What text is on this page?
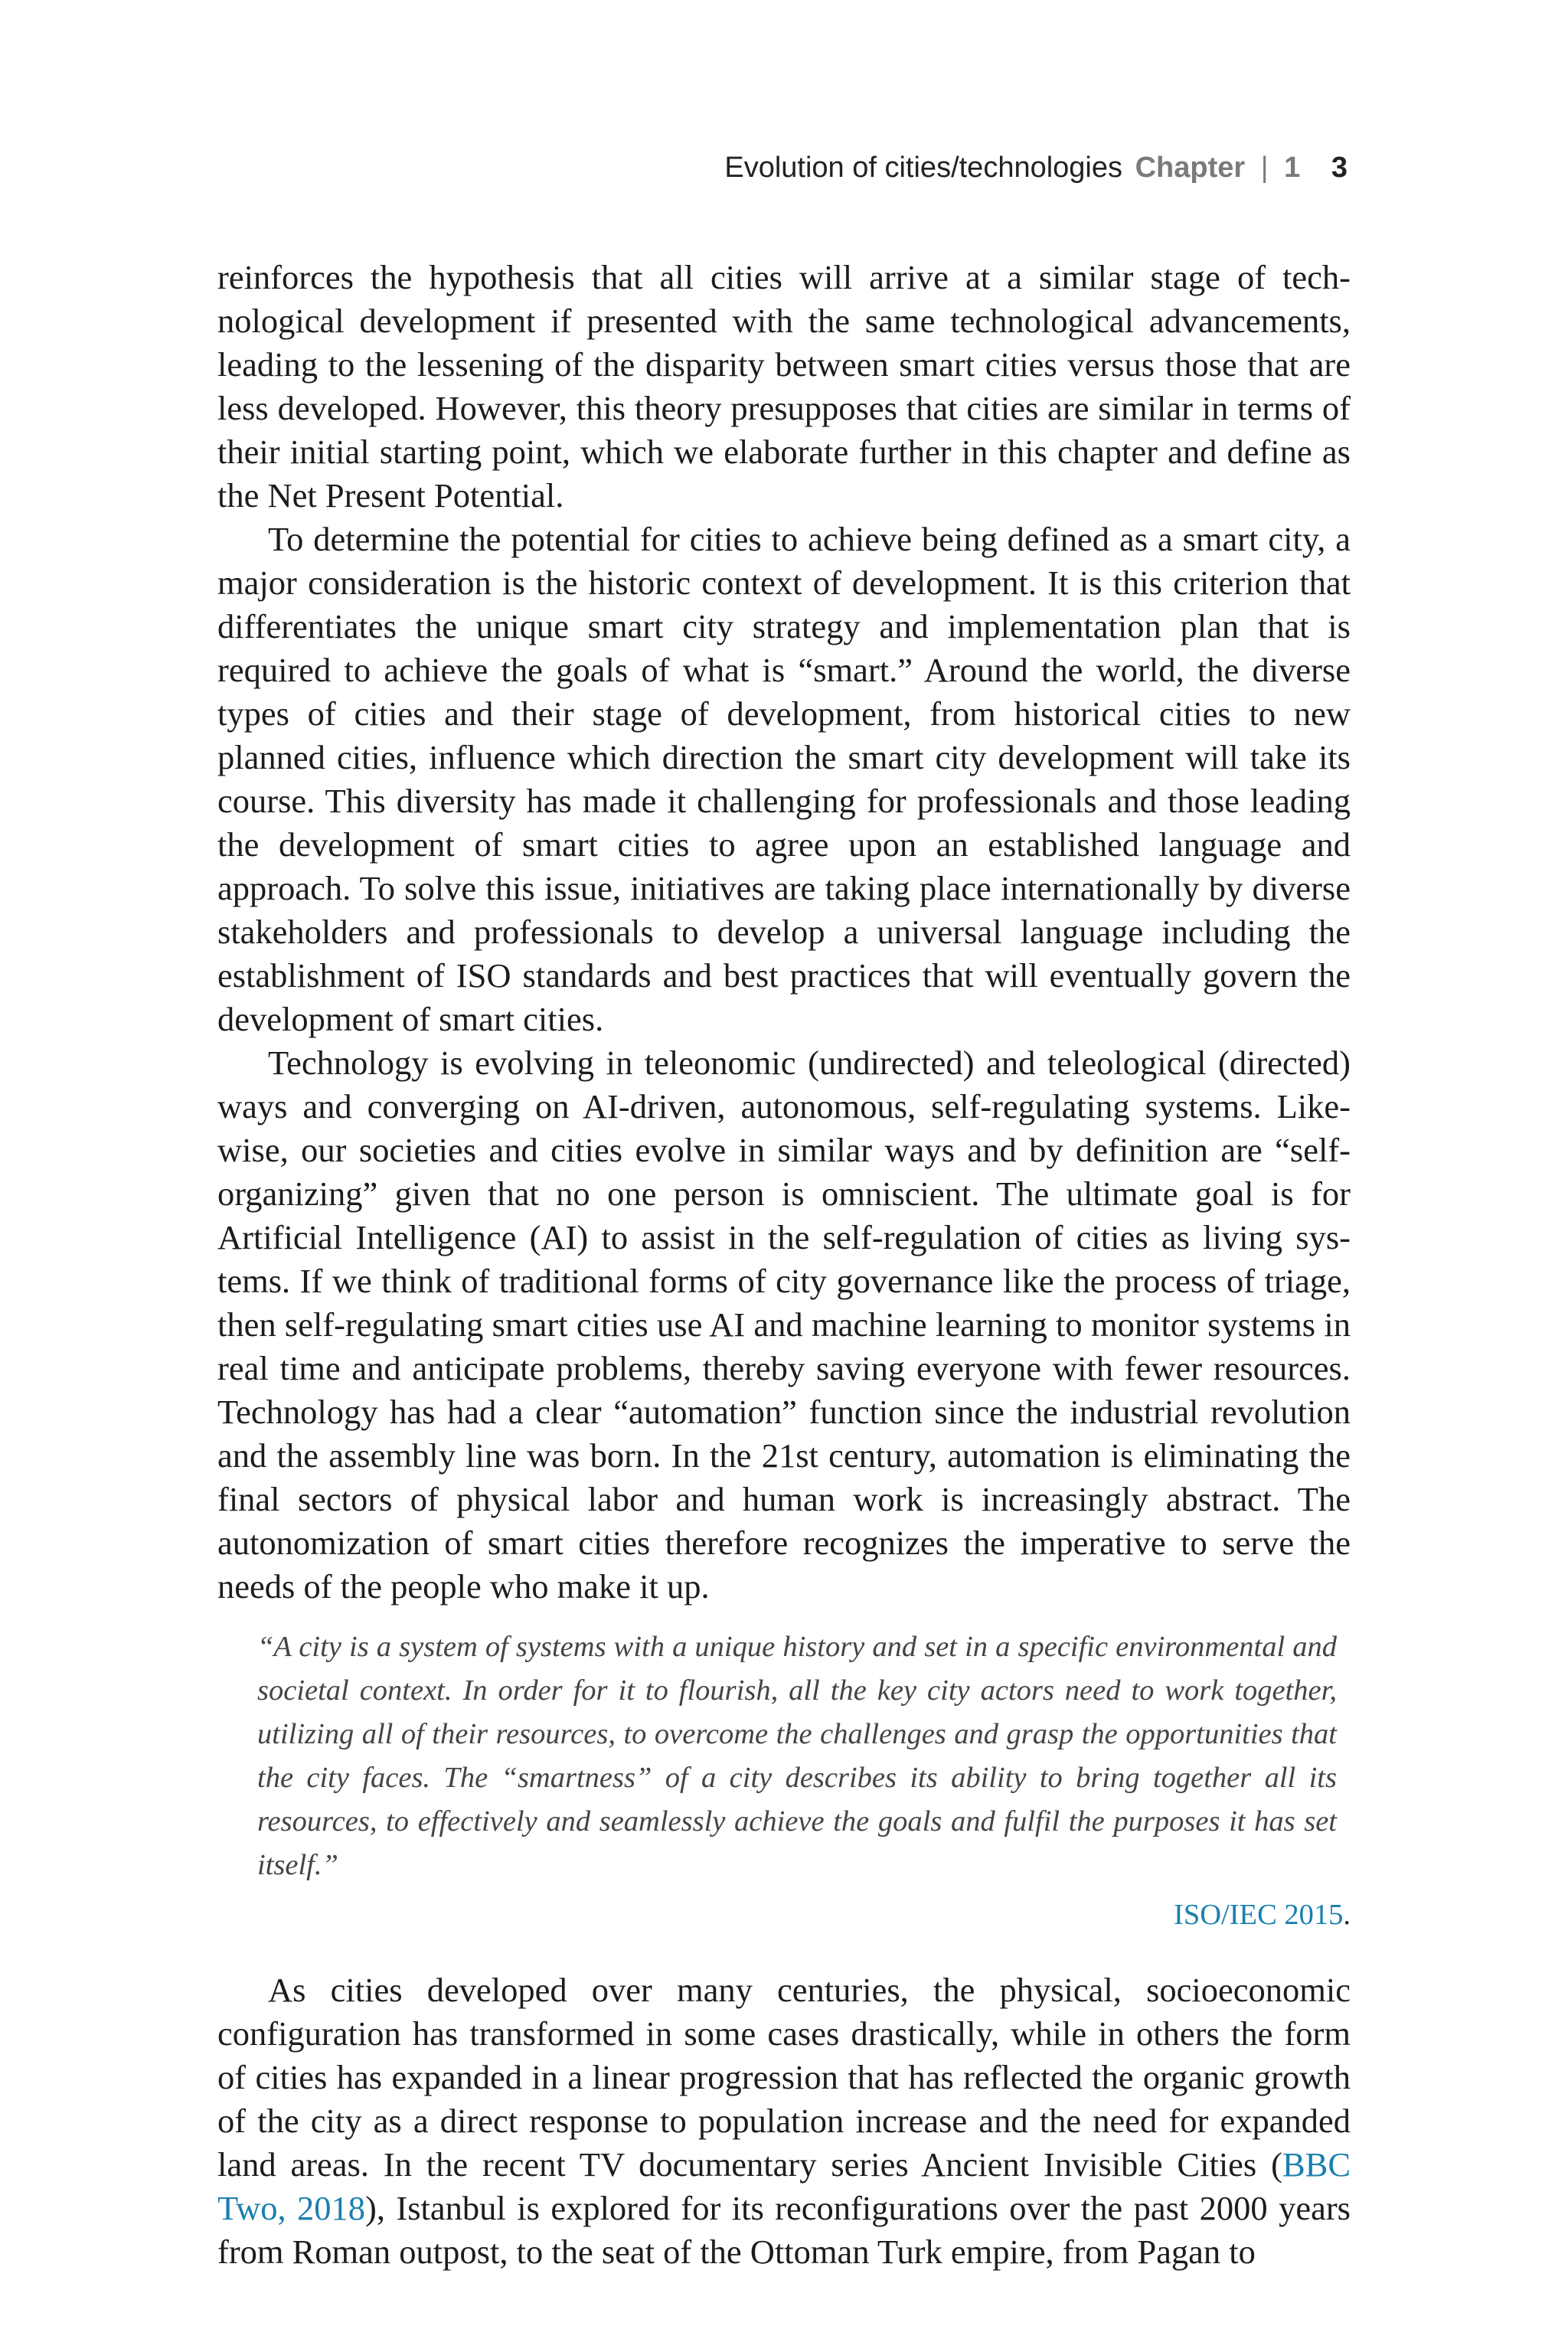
Evolution of cities/technologies Chapter | 1 3

reinforces the hypothesis that all cities will arrive at a similar stage of technological development if presented with the same technological advancements, leading to the lessening of the disparity between smart cities versus those that are less developed. However, this theory presupposes that cities are similar in terms of their initial starting point, which we elaborate further in this chapter and define as the Net Present Potential.

To determine the potential for cities to achieve being defined as a smart city, a major consideration is the historic context of development. It is this criterion that differentiates the unique smart city strategy and implementation plan that is required to achieve the goals of what is “smart.” Around the world, the diverse types of cities and their stage of development, from historical cities to new planned cities, influence which direction the smart city development will take its course. This diversity has made it challenging for professionals and those leading the development of smart cities to agree upon an established language and approach. To solve this issue, initiatives are taking place internationally by diverse stakeholders and professionals to develop a universal language including the establishment of ISO standards and best practices that will eventually govern the development of smart cities.

Technology is evolving in teleonomic (undirected) and teleological (directed) ways and converging on AI-driven, autonomous, self-regulating systems. Likewise, our societies and cities evolve in similar ways and by definition are “self-organizing” given that no one person is omniscient. The ultimate goal is for Artificial Intelligence (AI) to assist in the self-regulation of cities as living systems. If we think of traditional forms of city governance like the process of triage, then self-regulating smart cities use AI and machine learning to monitor systems in real time and anticipate problems, thereby saving everyone with fewer resources. Technology has had a clear “automation” function since the industrial revolution and the assembly line was born. In the 21st century, automation is eliminating the final sectors of physical labor and human work is increasingly abstract. The autonomization of smart cities therefore recognizes the imperative to serve the needs of the people who make it up.

“A city is a system of systems with a unique history and set in a specific environmental and societal context. In order for it to flourish, all the key city actors need to work together, utilizing all of their resources, to overcome the challenges and grasp the opportunities that the city faces. The “smartness” of a city describes its ability to bring together all its resources, to effectively and seamlessly achieve the goals and fulfil the purposes it has set itself.”

ISO/IEC 2015.

As cities developed over many centuries, the physical, socioeconomic configuration has transformed in some cases drastically, while in others the form of cities has expanded in a linear progression that has reflected the organic growth of the city as a direct response to population increase and the need for expanded land areas. In the recent TV documentary series Ancient Invisible Cities (BBC Two, 2018), Istanbul is explored for its reconfigurations over the past 2000 years from Roman outpost, to the seat of the Ottoman Turk empire, from Pagan to
